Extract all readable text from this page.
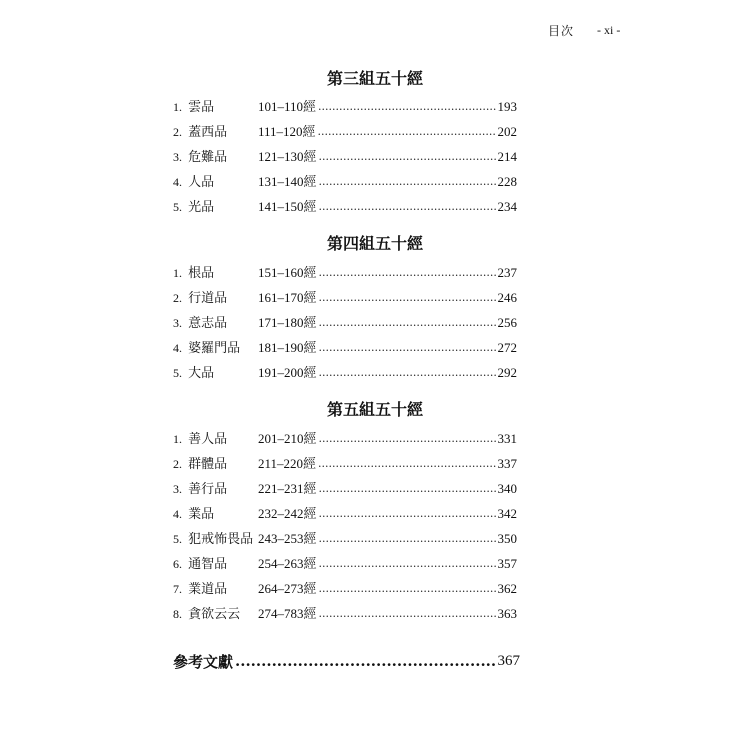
目次 - xi -
第三組五十經
1. 雲品	101–110經 .....	193
2. 蓋西品	111–120經 .....	202
3. 危難品	121–130經 .....	214
4. 人品	131–140經 .....	228
5. 光品	141–150經 .....	234
第四組五十經
1. 根品	151–160經 .....	237
2. 行道品	161–170經 .....	246
3. 意志品	171–180經 .....	256
4. 婆羅門品	181–190經 .....	272
5. 大品	191–200經 .....	292
第五組五十經
1. 善人品	201–210經 .....	331
2. 群體品	211–220經 .....	337
3. 善行品	221–231經 .....	340
4. 業品	232–242經 .....	342
5. 犯戒怖畏品 243–253經 .....	350
6. 通智品	254–263經 .....	357
7. 業道品	264–273經 .....	362
8. 貪欲云云	274–783經 .....	363
參考文獻 .....	367
